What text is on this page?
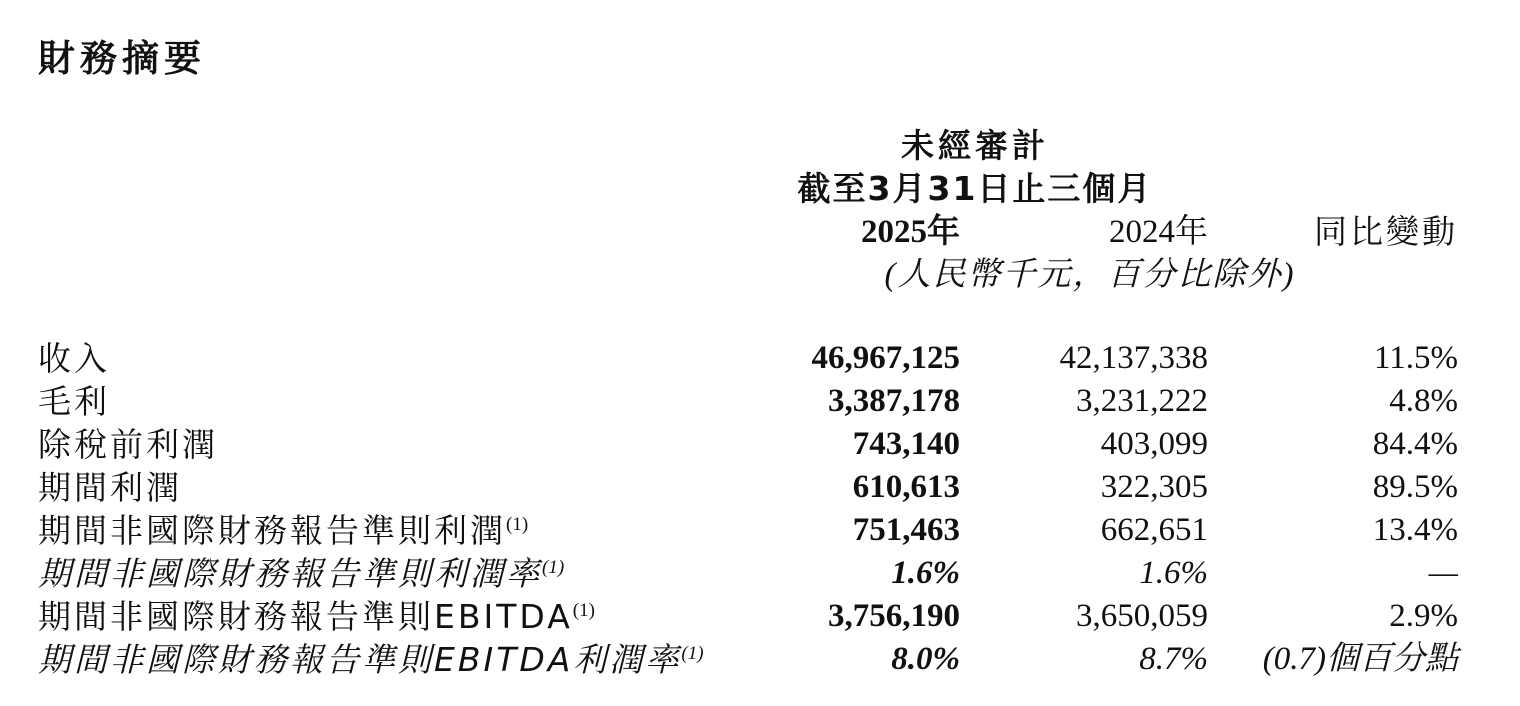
財務摘要
未經審計
截至3月31日止三個月
2025年	2024年	同比變動
(人民幣千元，百分比除外)
收入	46,967,125	42,137,338	11.5%
毛利	3,387,178	3,231,222	4.8%
除稅前利潤	743,140	403,099	84.4%
期間利潤	610,613	322,305	89.5%
期間非國際財務報告準則利潤$^{(1)}$	751,463	662,651	13.4%
期間非國際財務報告準則利潤率$^{(1)}$	1.6%	1.6%	—
期間非國際財務報告準則EBITDA$^{(1)}$	3,756,190	3,650,059	2.9%
期間非國際財務報告準則EBITDA利潤率$^{(1)}$	8.0%	8.7%	(0.7)個百分點
